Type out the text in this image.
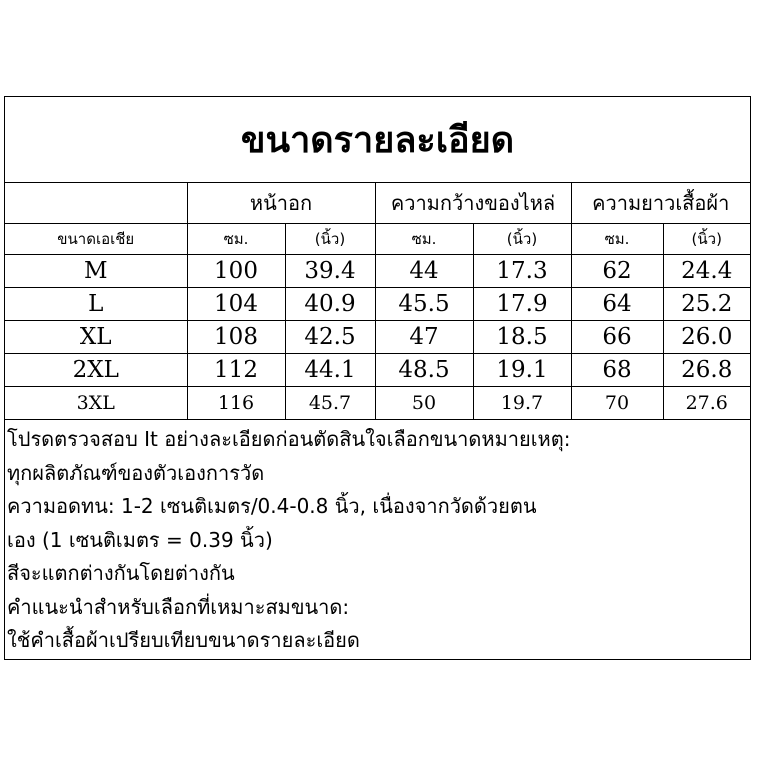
ขนาดรายละเอียด
	หน้าอก		ความกว้างของไหล่		ความยาวเสื้อผ้า	
ขนาดเอเชีย	ซม.	(นิ้ว)	ซม.	(นิ้ว)	ซม.	(นิ้ว)
M	100	39.4	44	17.3	62	24.4
L	104	40.9	45.5	17.9	64	25.2
XL	108	42.5	47	18.5	66	26.0
2XL	112	44.1	48.5	19.1	68	26.8
3XL	116	45.7	50	19.7	70	27.6
โปรดตรวจสอบ It อย่างละเอียดก่อนตัดสินใจเลือกขนาดหมายเหตุ:
ทุกผลิตภัณฑ์ของตัวเองการวัด
ความอดทน: 1-2 เซนติเมตร/0.4-0.8 นิ้ว, เนื่องจากวัดด้วยตน
เอง (1 เซนติเมตร = 0.39 นิ้ว)
สีจะแตกต่างกันโดยต่างกัน
คำแนะนำสำหรับเลือกที่เหมาะสมขนาด:
ใช้คำเสื้อผ้าเปรียบเทียบขนาดรายละเอียด
